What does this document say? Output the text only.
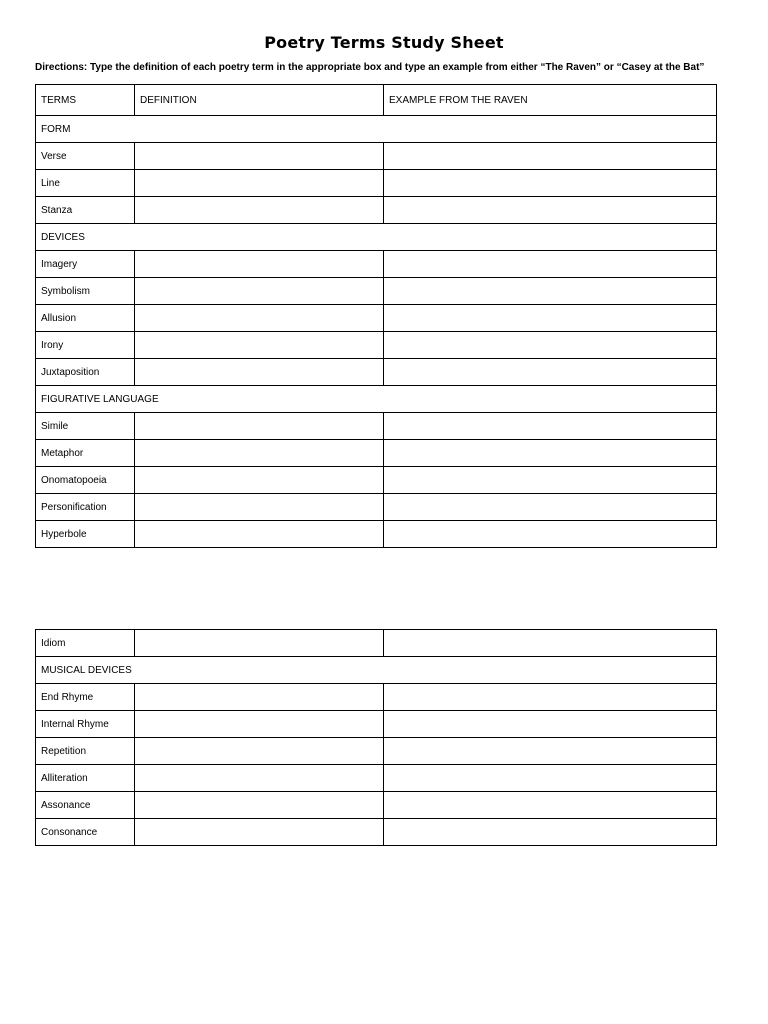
Poetry Terms Study Sheet
Directions: Type the definition of each poetry term in the appropriate box and type an example from either “The Raven” or “Casey at the Bat”
TERMS	DEFINITION	EXAMPLE FROM THE RAVEN
FORM		
Verse		
Line		
Stanza		
DEVICES		
Imagery		
Symbolism		
Allusion		
Irony		
Juxtaposition		
FIGURATIVE LANGUAGE		
Simile		
Metaphor		
Onomatopoeia		
Personification		
Hyperbole		
Idiom		
MUSICAL DEVICES		
End Rhyme		
Internal Rhyme		
Repetition		
Alliteration		
Assonance		
Consonance		
